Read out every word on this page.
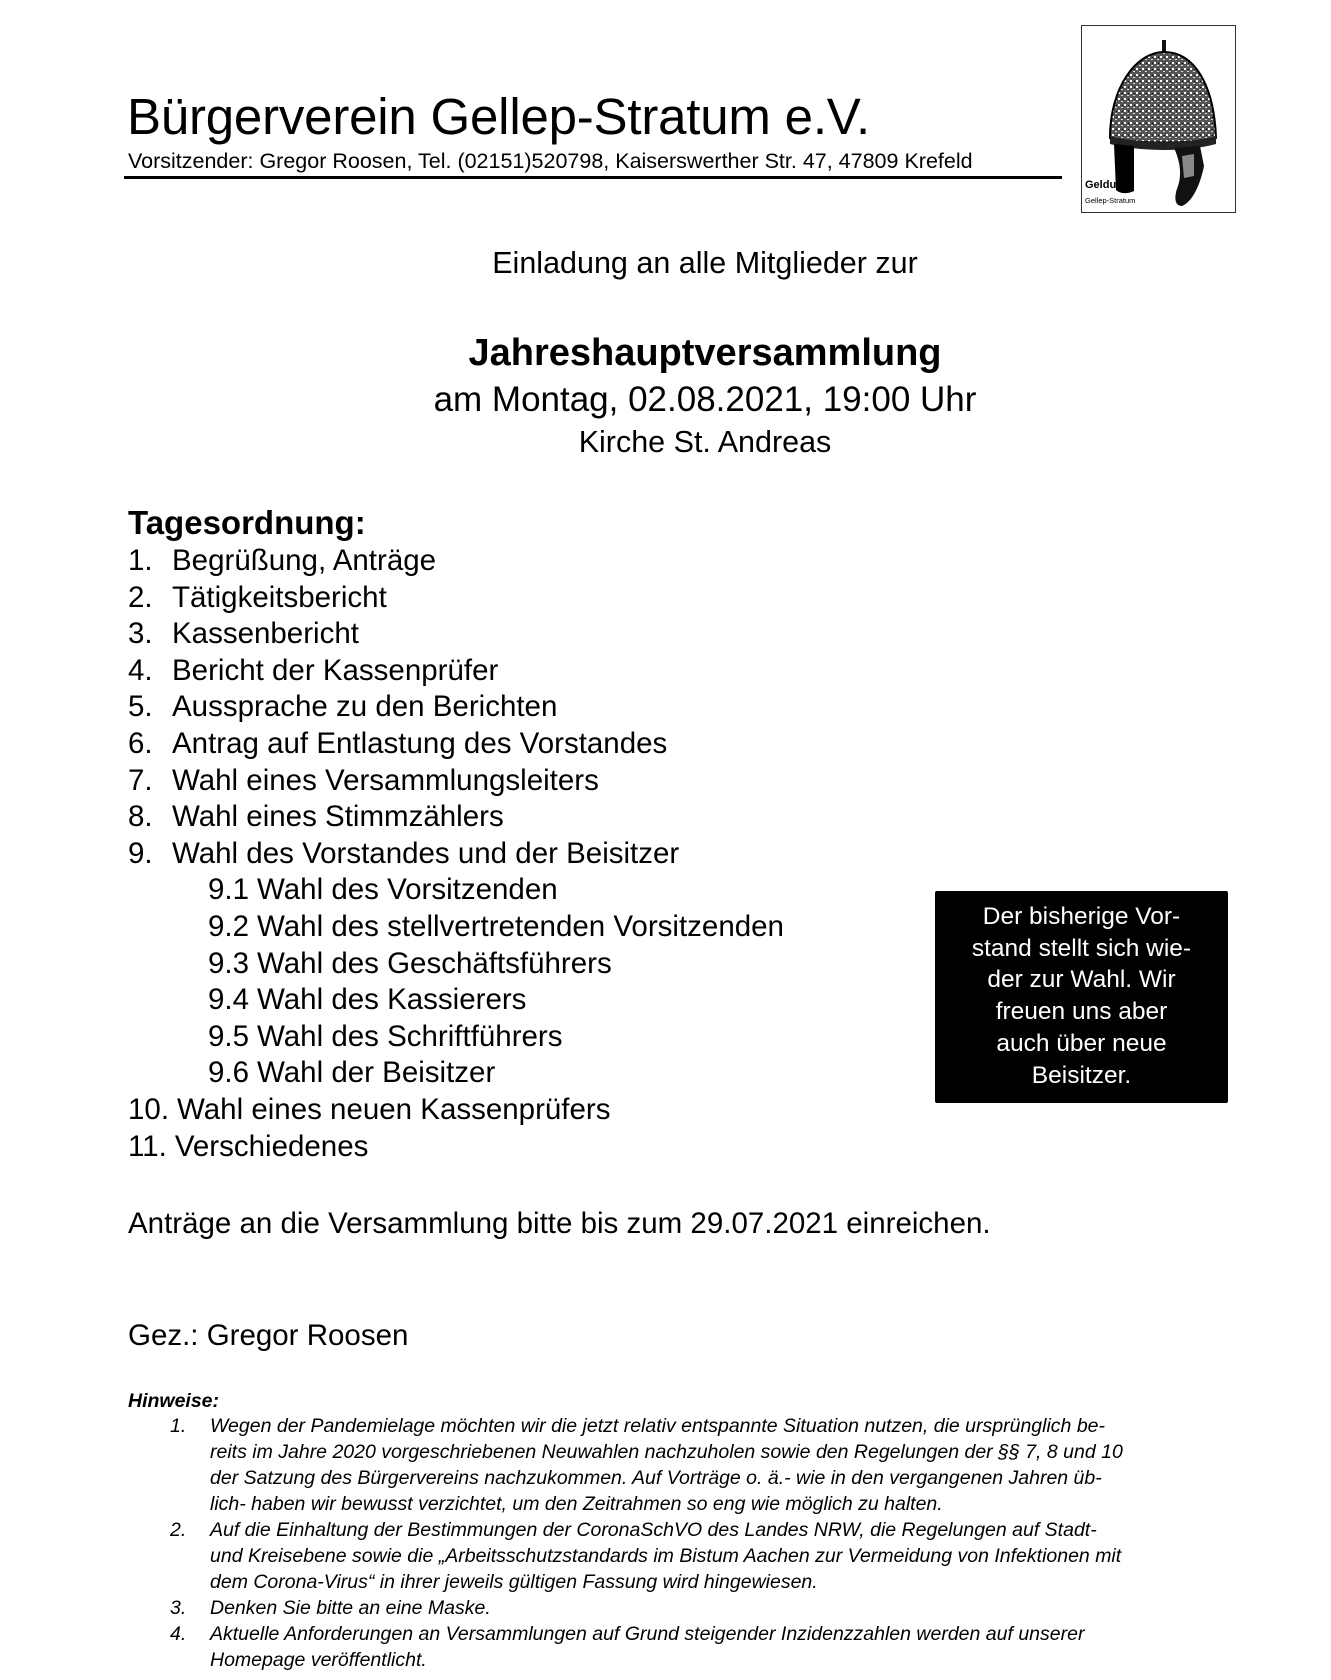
Bürgerverein Gellep-Stratum e.V.
Vorsitzender: Gregor Roosen, Tel. (02151)520798, Kaiserswerther Str. 47, 47809 Krefeld
Gelduba
Gellep-Stratum
Einladung an alle Mitglieder zur
Jahreshauptversammlung
am Montag, 02.08.2021, 19:00 Uhr
Kirche St. Andreas
Tagesordnung:
1. Begrüßung, Anträge
2. Tätigkeitsbericht
3. Kassenbericht
4. Bericht der Kassenprüfer
5. Aussprache zu den Berichten
6. Antrag auf Entlastung des Vorstandes
7. Wahl eines Versammlungsleiters
8. Wahl eines Stimmzählers
9. Wahl des Vorstandes und der Beisitzer
9.1 Wahl des Vorsitzenden
9.2 Wahl des stellvertretenden Vorsitzenden
9.3 Wahl des Geschäftsführers
9.4 Wahl des Kassierers
9.5 Wahl des Schriftführers
9.6 Wahl der Beisitzer
10. Wahl eines neuen Kassenprüfers
11. Verschiedenes
Der bisherige Vor-
stand stellt sich wie-
der zur Wahl. Wir
freuen uns aber
auch über neue
Beisitzer.
Anträge an die Versammlung bitte bis zum 29.07.2021 einreichen.
Gez.: Gregor Roosen
Hinweise:
1. Wegen der Pandemielage möchten wir die jetzt relativ entspannte Situation nutzen, die ursprünglich be-
reits im Jahre 2020 vorgeschriebenen Neuwahlen nachzuholen sowie den Regelungen der §§ 7, 8 und 10
der Satzung des Bürgervereins nachzukommen. Auf Vorträge o. ä.- wie in den vergangenen Jahren üb-
lich- haben wir bewusst verzichtet, um den Zeitrahmen so eng wie möglich zu halten.
2. Auf die Einhaltung der Bestimmungen der CoronaSchVO des Landes NRW, die Regelungen auf Stadt-
und Kreisebene sowie die „Arbeitsschutzstandards im Bistum Aachen zur Vermeidung von Infektionen mit
dem Corona-Virus“ in ihrer jeweils gültigen Fassung wird hingewiesen.
3. Denken Sie bitte an eine Maske.
4. Aktuelle Anforderungen an Versammlungen auf Grund steigender Inzidenzzahlen werden auf unserer
Homepage veröffentlicht.
